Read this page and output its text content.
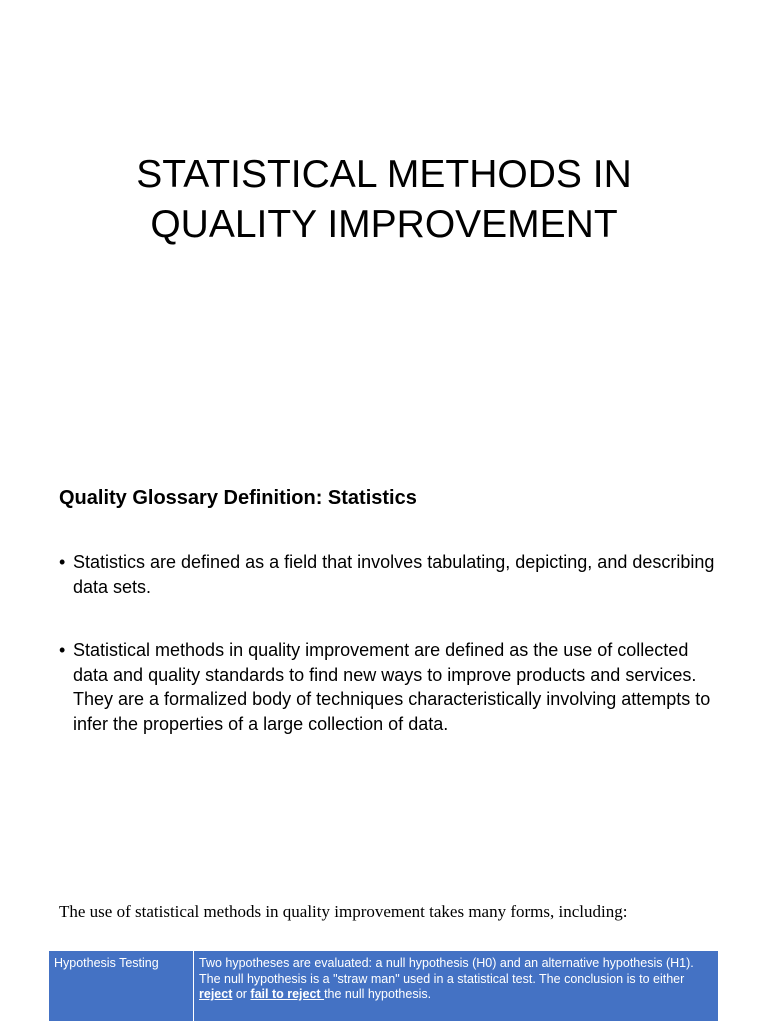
STATISTICAL METHODS IN
QUALITY IMPROVEMENT
Quality Glossary Definition: Statistics
• Statistics are defined as a field that involves tabulating, depicting, and describing data sets.
• Statistical methods in quality improvement are defined as the use of collected data and quality standards to find new ways to improve products and services. They are a formalized body of techniques characteristically involving attempts to infer the properties of a large collection of data.
The use of statistical methods in quality improvement takes many forms, including:
Hypothesis Testing	Two hypotheses are evaluated: a null hypothesis (H0) and an alternative hypothesis (H1). The null hypothesis is a "straw man" used in a statistical test. The conclusion is to either reject or fail to reject the null hypothesis.
